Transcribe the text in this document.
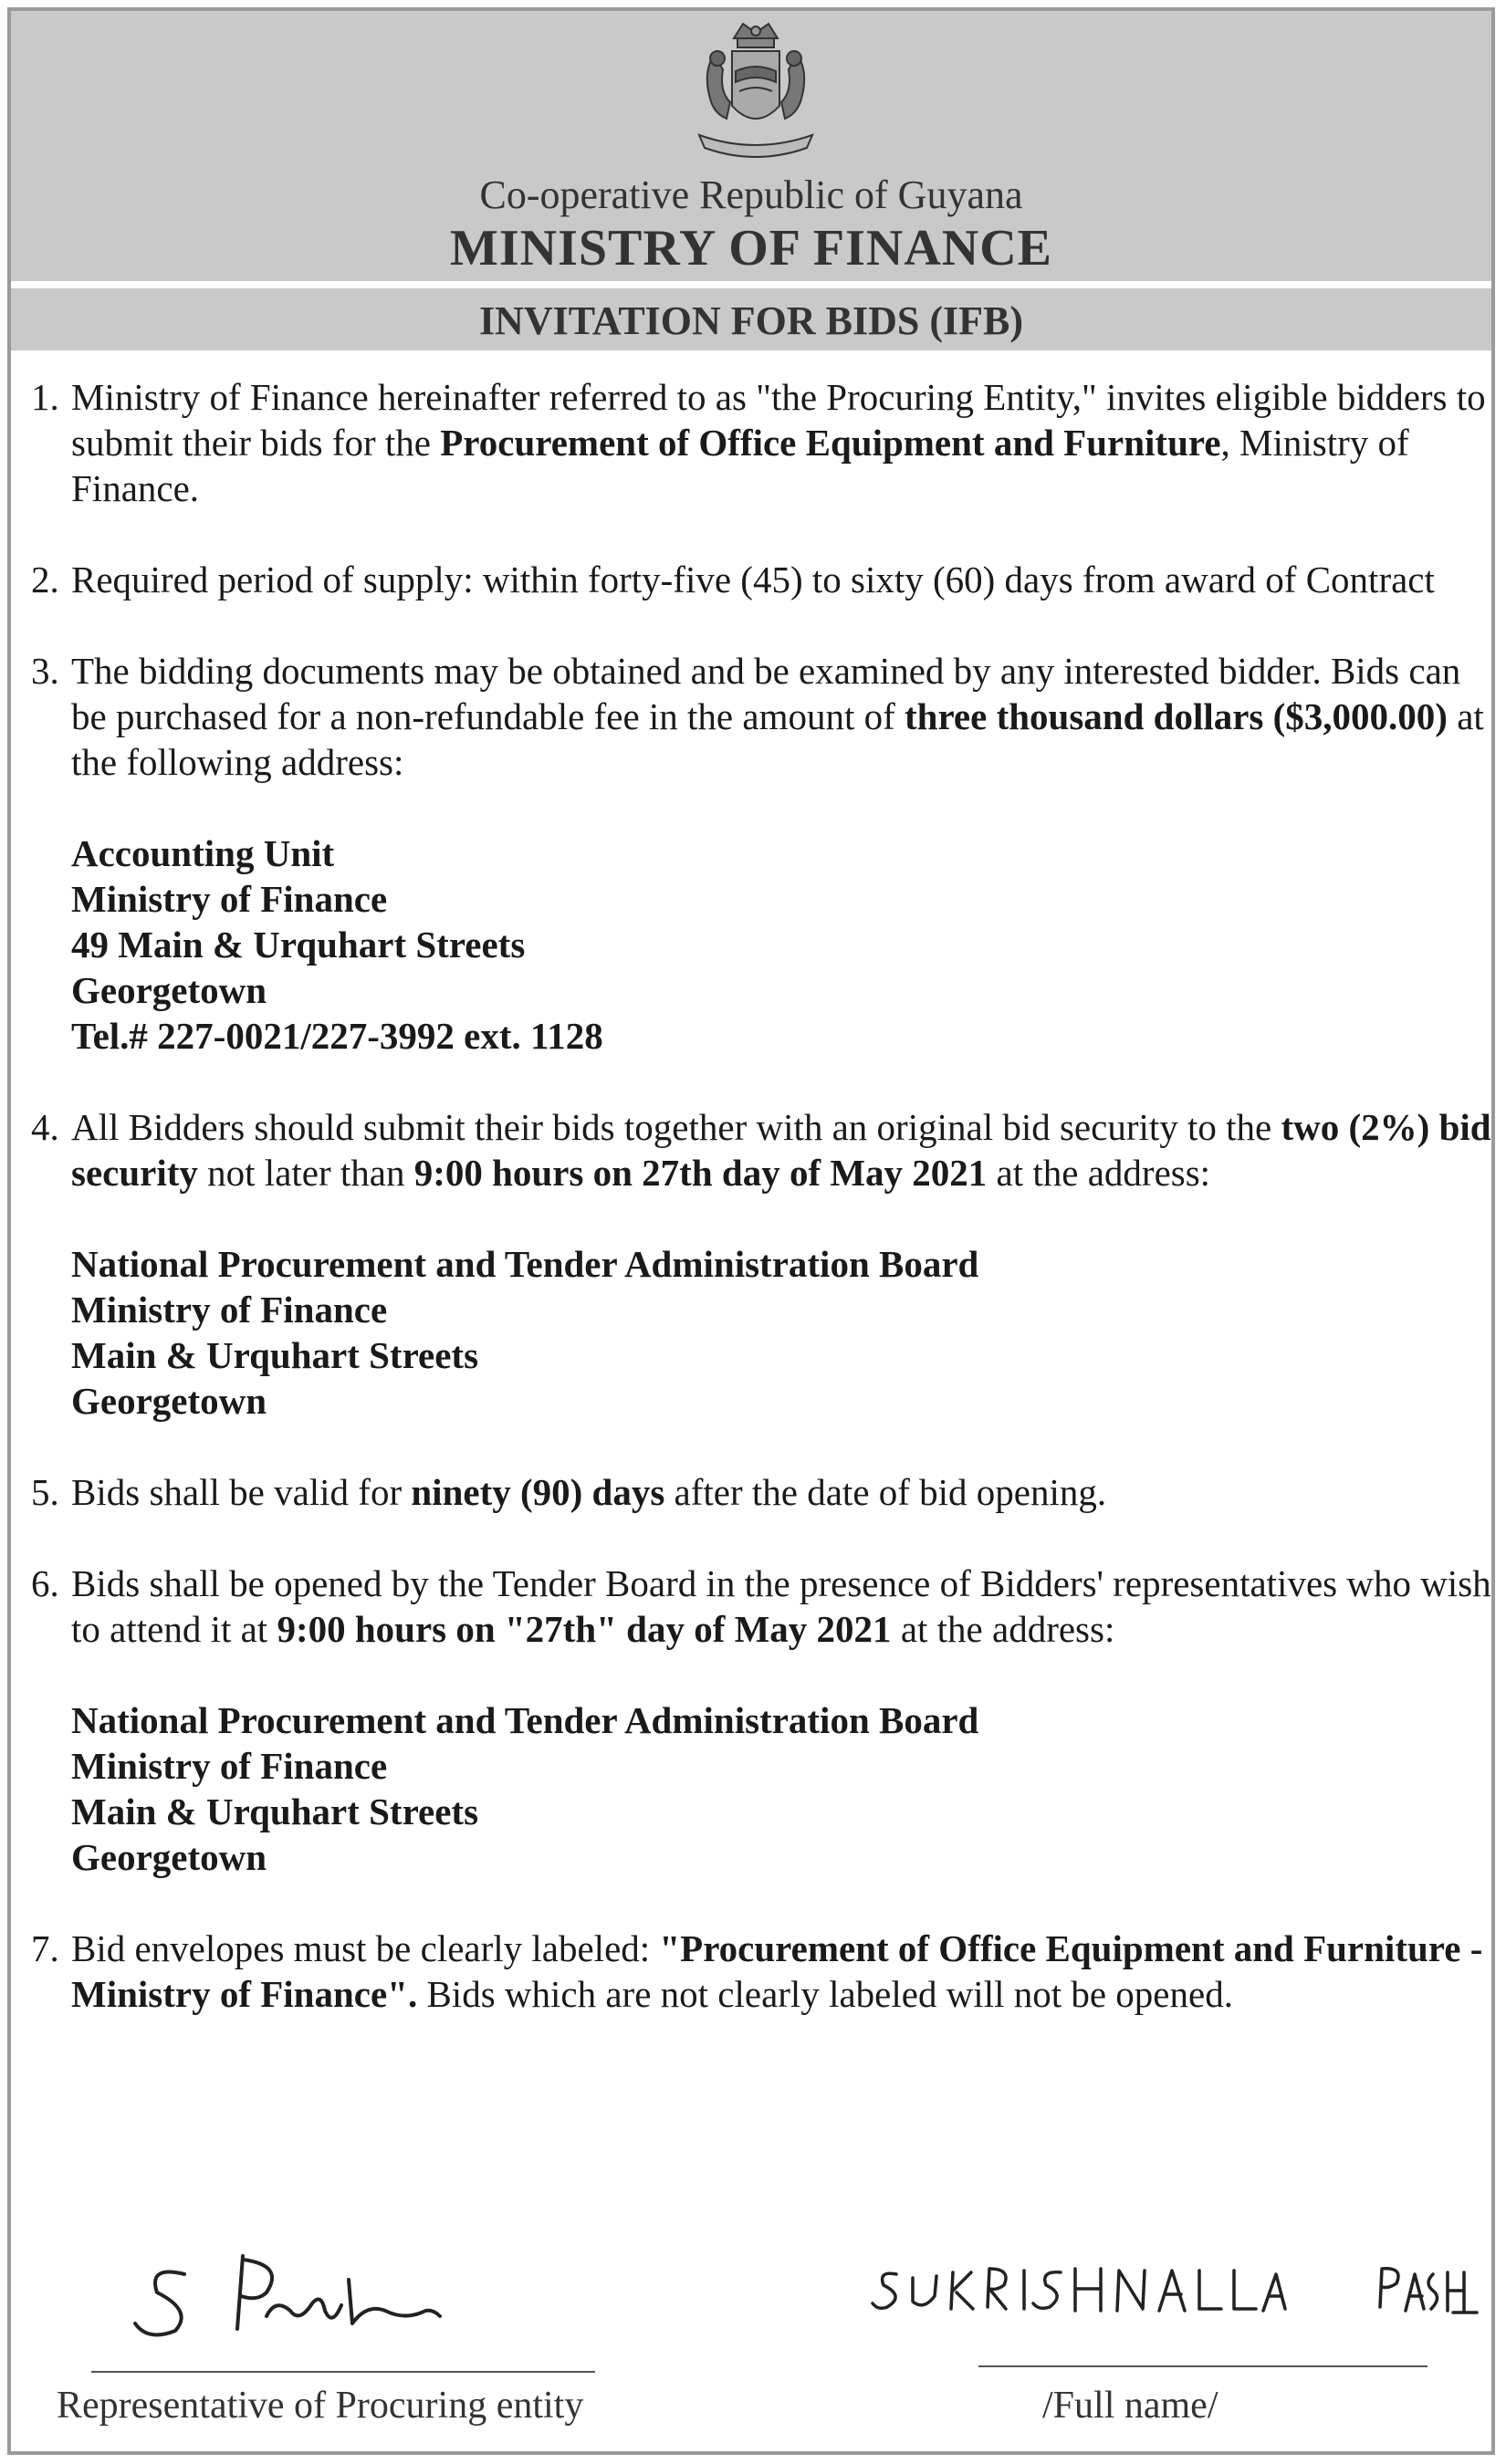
Co-operative Republic of Guyana
MINISTRY OF FINANCE
INVITATION FOR BIDS (IFB)
1. Ministry of Finance hereinafter referred to as "the Procuring Entity," invites eligible bidders to submit their bids for the Procurement of Office Equipment and Furniture, Ministry of Finance.
2. Required period of supply: within forty-five (45) to sixty (60) days from award of Contract
3. The bidding documents may be obtained and be examined by any interested bidder. Bids can be purchased for a non-refundable fee in the amount of three thousand dollars ($3,000.00) at the following address:
Accounting Unit
Ministry of Finance
49 Main & Urquhart Streets
Georgetown
Tel.# 227-0021/227-3992 ext. 1128
4. All Bidders should submit their bids together with an original bid security to the two (2%) bid security not later than 9:00 hours on 27th day of May 2021 at the address:
National Procurement and Tender Administration Board
Ministry of Finance
Main & Urquhart Streets
Georgetown
5. Bids shall be valid for ninety (90) days after the date of bid opening.
6. Bids shall be opened by the Tender Board in the presence of Bidders' representatives who wish to attend it at 9:00 hours on "27th" day of May 2021 at the address:
National Procurement and Tender Administration Board
Ministry of Finance
Main & Urquhart Streets
Georgetown
7. Bid envelopes must be clearly labeled: "Procurement of Office Equipment and Furniture - Ministry of Finance". Bids which are not clearly labeled will not be opened.
Representative of Procuring entity	/Full name/
